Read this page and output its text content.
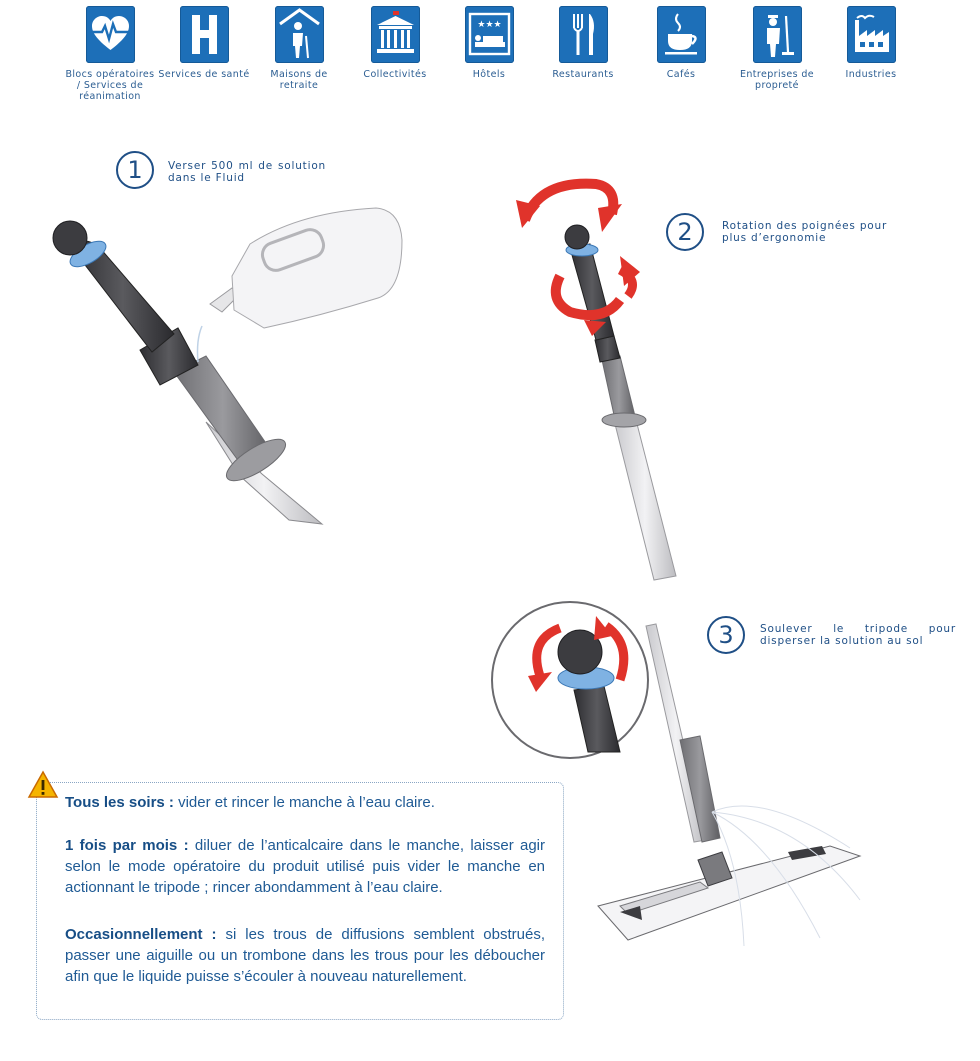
Blocs opératoires / Services de réanimation
Services de santé	Maisons de retraite
Collectivités
★★★
Hôtels	Restaurants	Cafés	Entreprises de propreté
Industries
1	Verser 500 ml de solution dans le Fluid
2	Rotation des poignées pour plus d’ergonomie
3	Soulever le tripode pour disperser la solution au sol
Tous les soirs : vider et rincer le manche à l’eau claire.
1 fois par mois : diluer de l’anticalcaire dans le manche, laisser agir selon le mode opératoire du produit utilisé puis vider le manche en actionnant le tripode ; rincer abondamment à l’eau claire.
Occasionnellement : si les trous de diffusions semblent obstrués, passer une aiguille ou un trombone dans les trous pour les déboucher afin que le liquide puisse s’écouler à nouveau naturellement.
